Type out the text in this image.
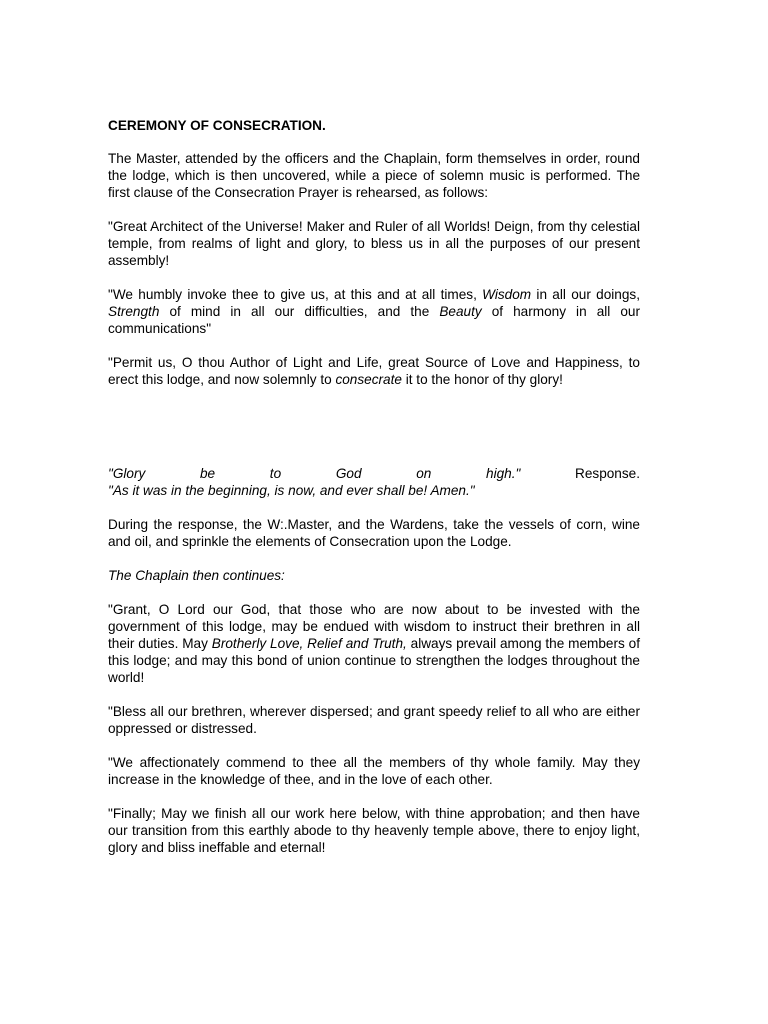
CEREMONY OF CONSECRATION.
The Master, attended by the officers and the Chaplain, form themselves in order, round the lodge, which is then uncovered, while a piece of solemn music is performed. The first clause of the Consecration Prayer is rehearsed, as follows:
"Great Architect of the Universe! Maker and Ruler of all Worlds! Deign, from thy celestial temple, from realms of light and glory, to bless us in all the purposes of our present assembly!
"We humbly invoke thee to give us, at this and at all times, Wisdom in all our doings, Strength of mind in all our difficulties, and the Beauty of harmony in all our communications"
"Permit us, O thou Author of Light and Life, great Source of Love and Happiness, to erect this lodge, and now solemnly to consecrate it to the honor of thy glory!
"Glory be to God on high." Response.
"As it was in the beginning, is now, and ever shall be! Amen."
During the response, the W:.Master, and the Wardens, take the vessels of corn, wine and oil, and sprinkle the elements of Consecration upon the Lodge.
The Chaplain then continues:
"Grant, O Lord our God, that those who are now about to be invested with the government of this lodge, may be endued with wisdom to instruct their brethren in all their duties. May Brotherly Love, Relief and Truth, always prevail among the members of this lodge; and may this bond of union continue to strengthen the lodges throughout the world!
"Bless all our brethren, wherever dispersed; and grant speedy relief to all who are either oppressed or distressed.
"We affectionately commend to thee all the members of thy whole family. May they increase in the knowledge of thee, and in the love of each other.
"Finally; May we finish all our work here below, with thine approbation; and then have our transition from this earthly abode to thy heavenly temple above, there to enjoy light, glory and bliss ineffable and eternal!
